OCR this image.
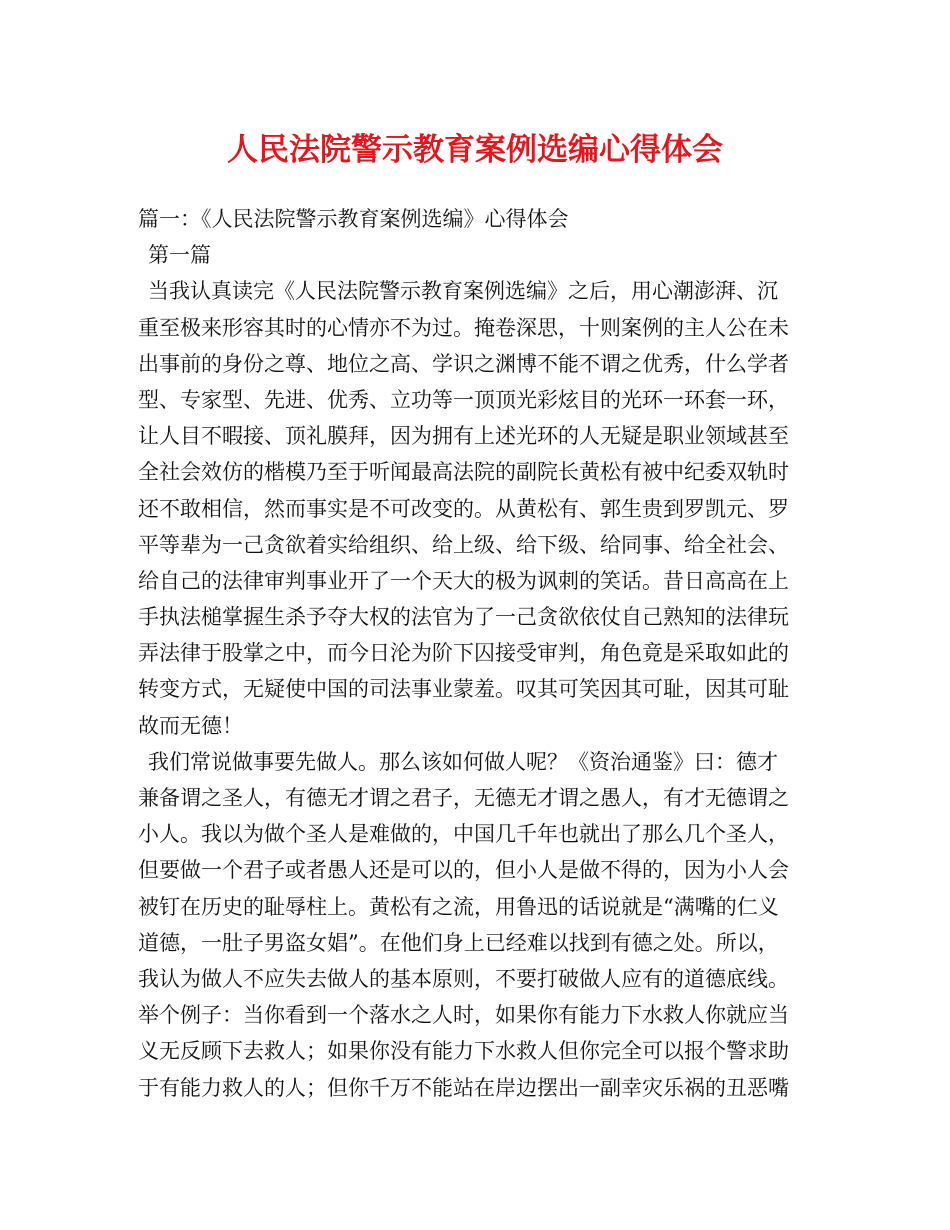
人民法院警示教育案例选编心得体会
篇一：《人民法院警示教育案例选编》心得体会
第一篇
当我认真读完《人民法院警示教育案例选编》之后，用心潮澎湃、沉
重至极来形容其时的心情亦不为过。掩卷深思，十则案例的主人公在未
出事前的身份之尊、地位之高、学识之渊博不能不谓之优秀，什么学者
型、专家型、先进、优秀、立功等一顶顶光彩炫目的光环一环套一环，
让人目不暇接、顶礼膜拜，因为拥有上述光环的人无疑是职业领域甚至
全社会效仿的楷模乃至于听闻最高法院的副院长黄松有被中纪委双轨时
还不敢相信，然而事实是不可改变的。从黄松有、郭生贵到罗凯元、罗
平等辈为一己贪欲着实给组织、给上级、给下级、给同事、给全社会、
给自己的法律审判事业开了一个天大的极为讽刺的笑话。昔日高高在上
手执法槌掌握生杀予夺大权的法官为了一己贪欲依仗自己熟知的法律玩
弄法律于股掌之中，而今日沦为阶下囚接受审判，角色竟是采取如此的
转变方式，无疑使中国的司法事业蒙羞。叹其可笑因其可耻，因其可耻
故而无德！
我们常说做事要先做人。那么该如何做人呢？《资治通鉴》曰：德才
兼备谓之圣人，有德无才谓之君子，无德无才谓之愚人，有才无德谓之
小人。我以为做个圣人是难做的，中国几千年也就出了那么几个圣人，
但要做一个君子或者愚人还是可以的，但小人是做不得的，因为小人会
被钉在历史的耻辱柱上。黄松有之流，用鲁迅的话说就是“满嘴的仁义
道德，一肚子男盗女娼”。在他们身上已经难以找到有德之处。所以，
我认为做人不应失去做人的基本原则，不要打破做人应有的道德底线。
举个例子：当你看到一个落水之人时，如果你有能力下水救人你就应当
义无反顾下去救人；如果你没有能力下水救人但你完全可以报个警求助
于有能力救人的人；但你千万不能站在岸边摆出一副幸灾乐祸的丑恶嘴
